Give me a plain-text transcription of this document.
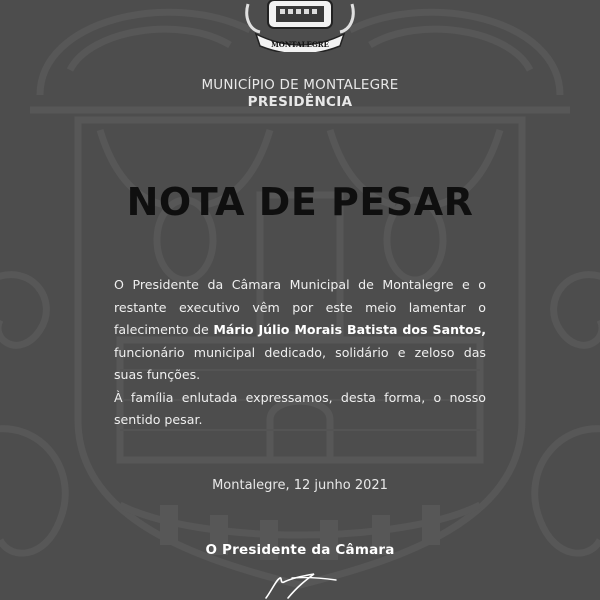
MONTALEGRE
MUNICÍPIO DE MONTALEGRE
PRESIDÊNCIA
NOTA DE PESAR
O Presidente da Câmara Municipal de Montalegre e o restante executivo vêm por este meio lamentar o falecimento de Mário Júlio Morais Batista dos Santos, funcionário municipal dedicado, solidário e zeloso das suas funções.
À família enlutada expressamos, desta forma, o nosso sentido pesar.
Montalegre, 12 junho 2021
O Presidente da Câmara
